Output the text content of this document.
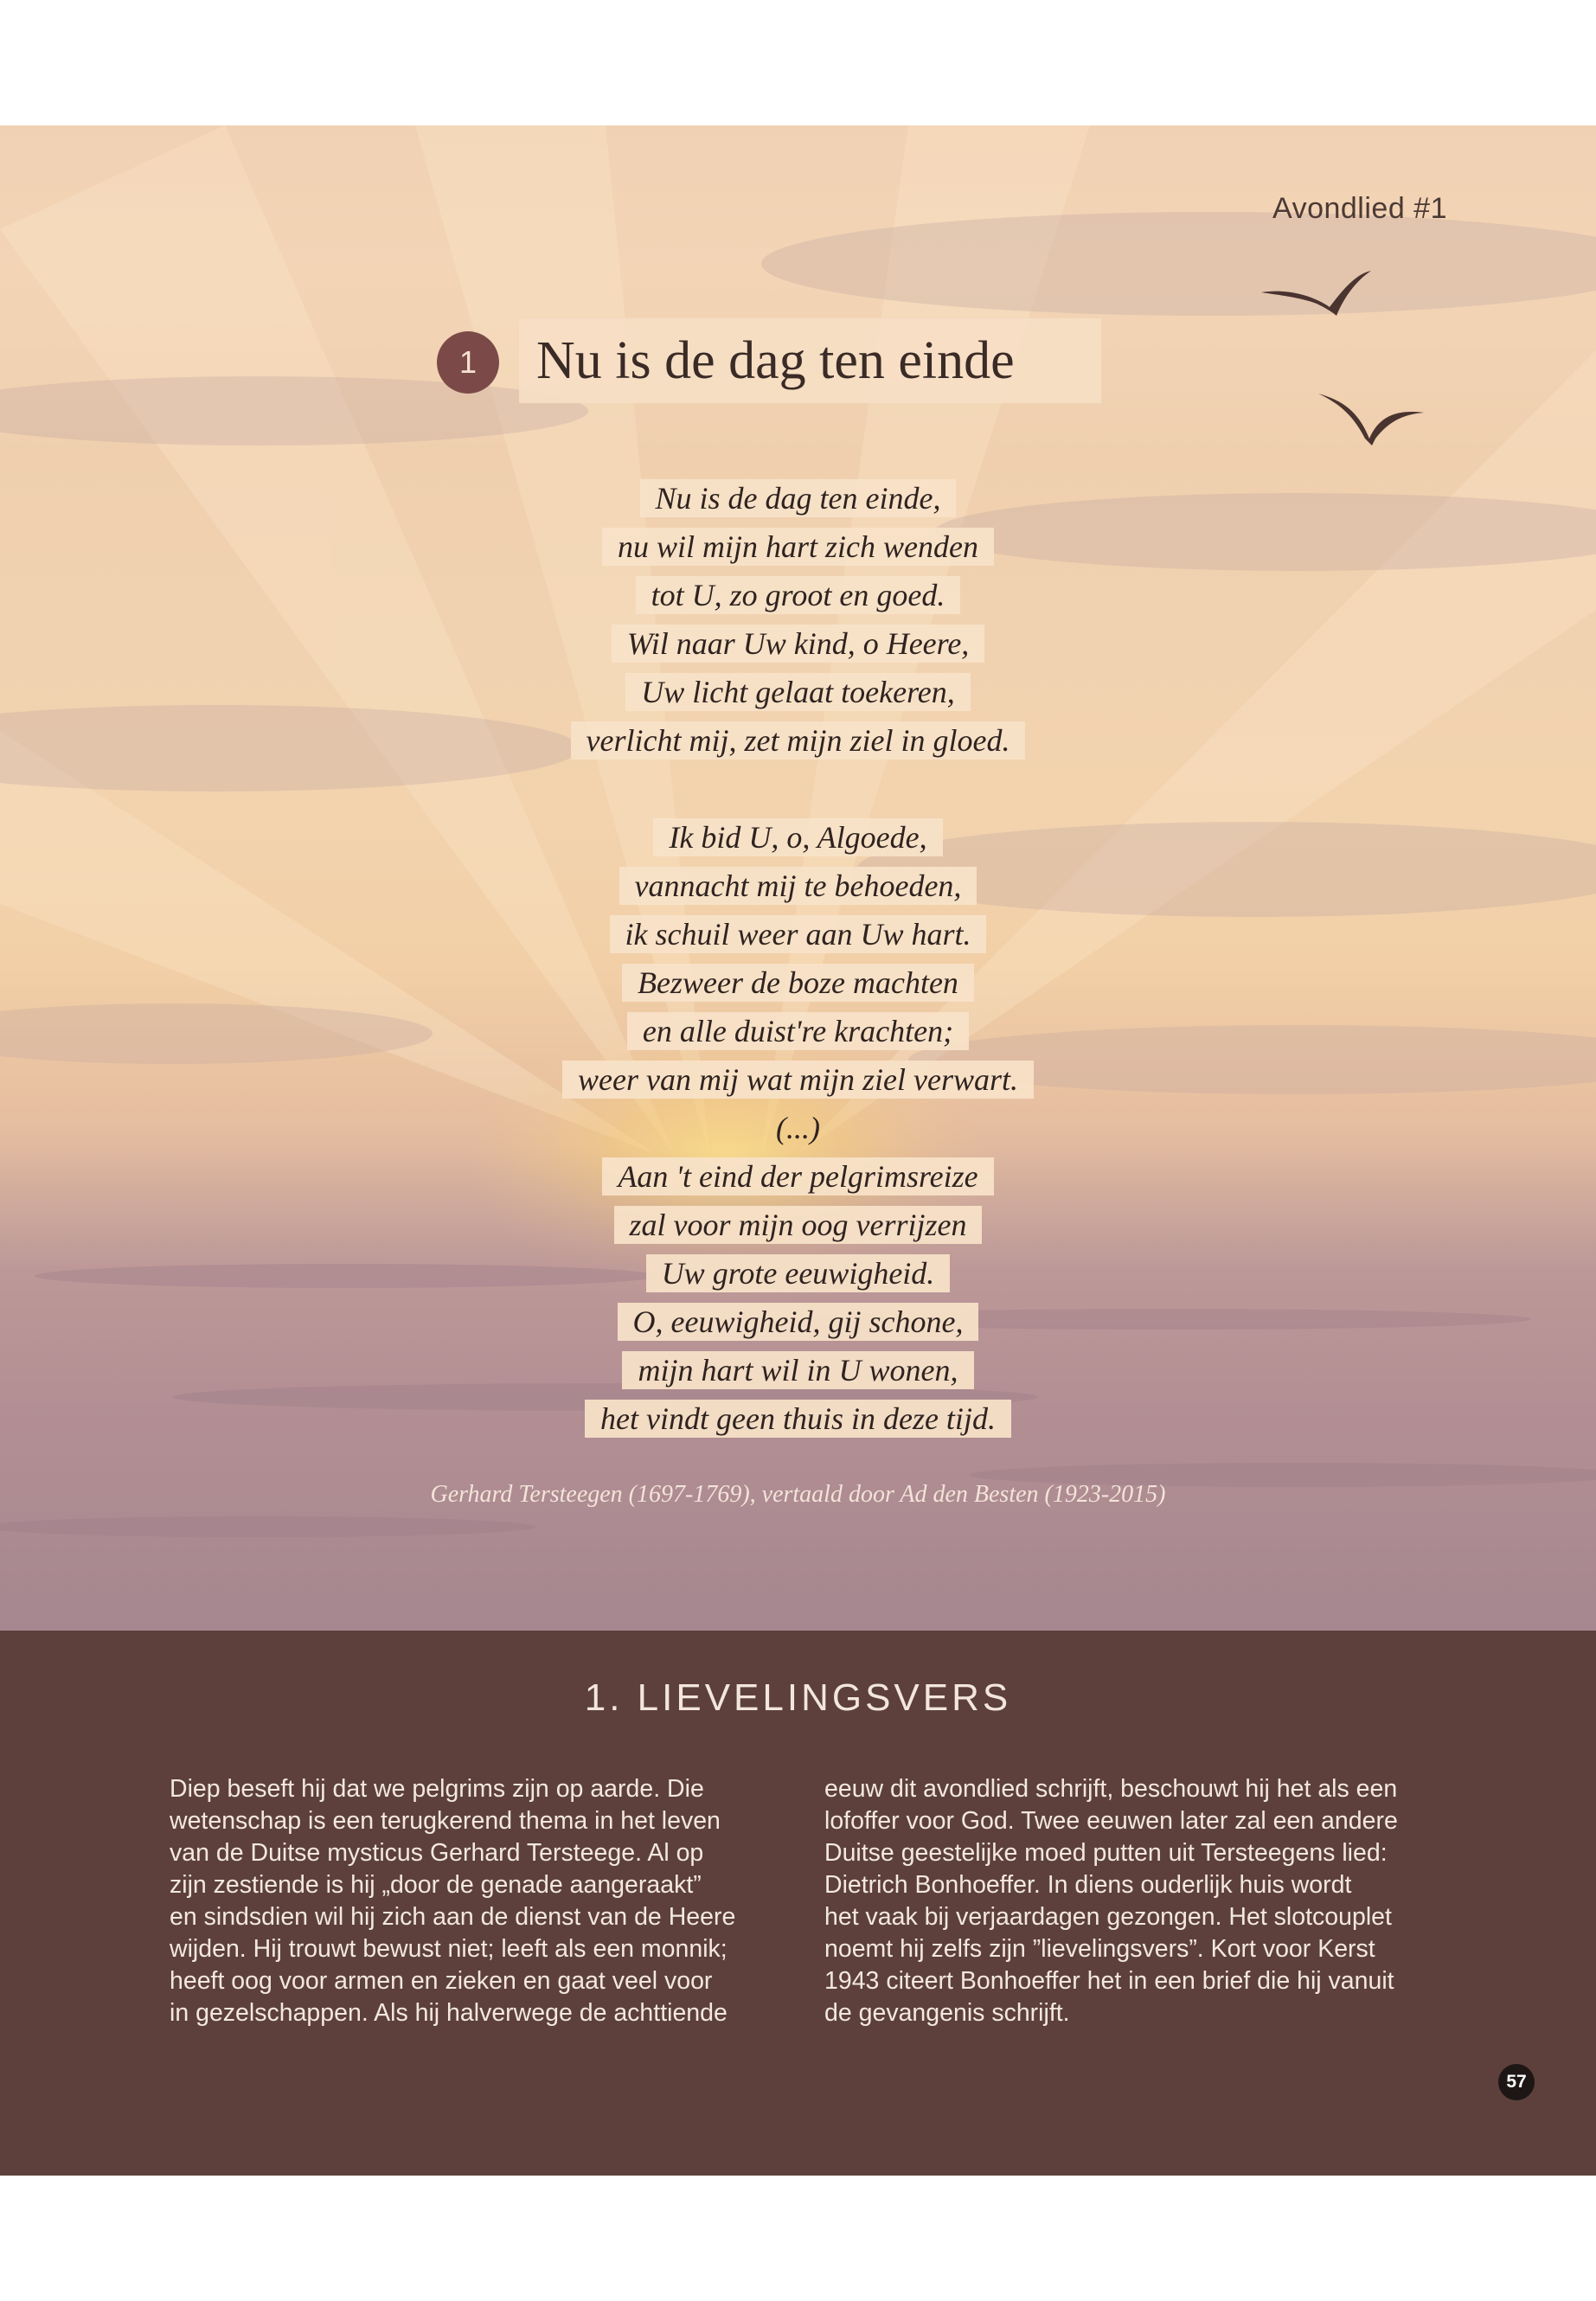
Avondlied #1
1	Nu is de dag ten einde
Nu is de dag ten einde,
nu wil mijn hart zich wenden
tot U, zo groot en goed.
Wil naar Uw kind, o Heere,
Uw licht gelaat toekeren,
verlicht mij, zet mijn ziel in gloed.
Ik bid U, o, Algoede,
vannacht mij te behoeden,
ik schuil weer aan Uw hart.
Bezweer de boze machten
en alle duist're krachten;
weer van mij wat mijn ziel verwart.
(...)
Aan 't eind der pelgrimsreize
zal voor mijn oog verrijzen
Uw grote eeuwigheid.
O, eeuwigheid, gij schone,
mijn hart wil in U wonen,
het vindt geen thuis in deze tijd.
Gerhard Tersteegen (1697-1769), vertaald door Ad den Besten (1923-2015)
1. LIEVELINGSVERS
Diep beseft hij dat we pelgrims zijn op aarde. Die
wetenschap is een terugkerend thema in het leven
van de Duitse mysticus Gerhard Tersteege. Al op
zijn zestiende is hij „door de genade aangeraakt”
en sindsdien wil hij zich aan de dienst van de Heere
wijden. Hij trouwt bewust niet; leeft als een monnik;
heeft oog voor armen en zieken en gaat veel voor
in gezelschappen. Als hij halverwege de achttiende
eeuw dit avondlied schrijft, beschouwt hij het als een
lofoffer voor God. Twee eeuwen later zal een andere
Duitse geestelijke moed putten uit Tersteegens lied:
Dietrich Bonhoeffer. In diens ouderlijk huis wordt
het vaak bij verjaardagen gezongen. Het slotcouplet
noemt hij zelfs zijn ”lievelingsvers”. Kort voor Kerst
1943 citeert Bonhoeffer het in een brief die hij vanuit
de gevangenis schrijft.
57
